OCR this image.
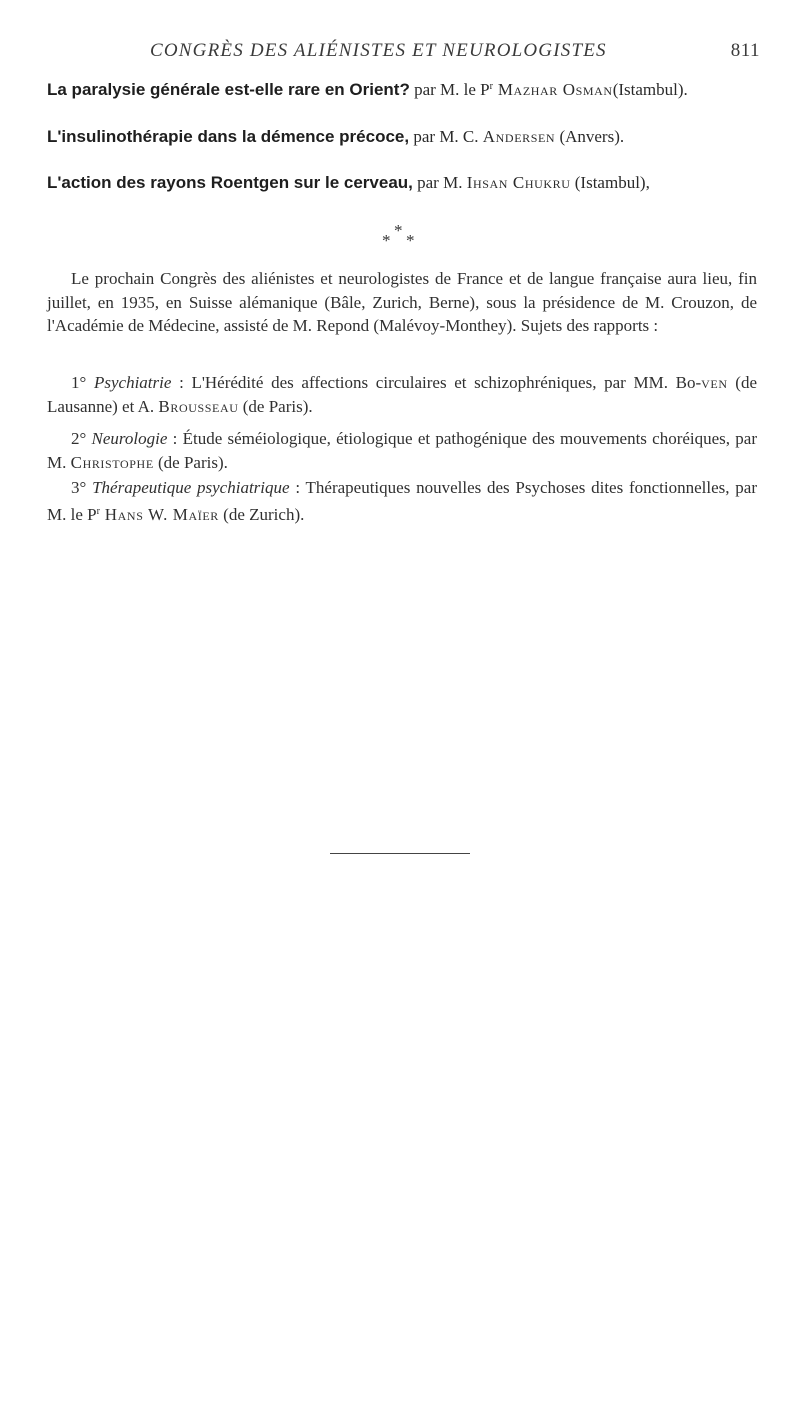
CONGRÈS DES ALIÉNISTES ET NEUROLOGISTES	811
La paralysie générale est-elle rare en Orient? par M. le $P^r$ Mazhar Osman(Istambul).
L'insulinothérapie dans la démence précoce, par M. C. Andersen (Anvers).
L'action des rayons Roentgen sur le cerveau, par M. Ihsan Chukru (Istambul),
*
* *
Le prochain Congrès des aliénistes et neurologistes de France et de langue française aura lieu, fin juillet, en 1935, en Suisse alémanique (Bâle, Zurich, Berne), sous la présidence de M. Crouzon, de l'Académie de Médecine, assisté de M. Repond (Malévoy-Monthey). Sujets des rapports :
1° Psychiatrie : L'Hérédité des affections circulaires et schizophréniques, par MM. Bo-ven (de Lausanne) et A. Brousseau (de Paris).
2° Neurologie : Étude séméiologique, étiologique et pathogénique des mouvements choréiques, par M. Christophe (de Paris).
3° Thérapeutique psychiatrique : Thérapeutiques nouvelles des Psychoses dites fonctionnelles, par M. le $P^r$ Hans W. Maïer (de Zurich).
